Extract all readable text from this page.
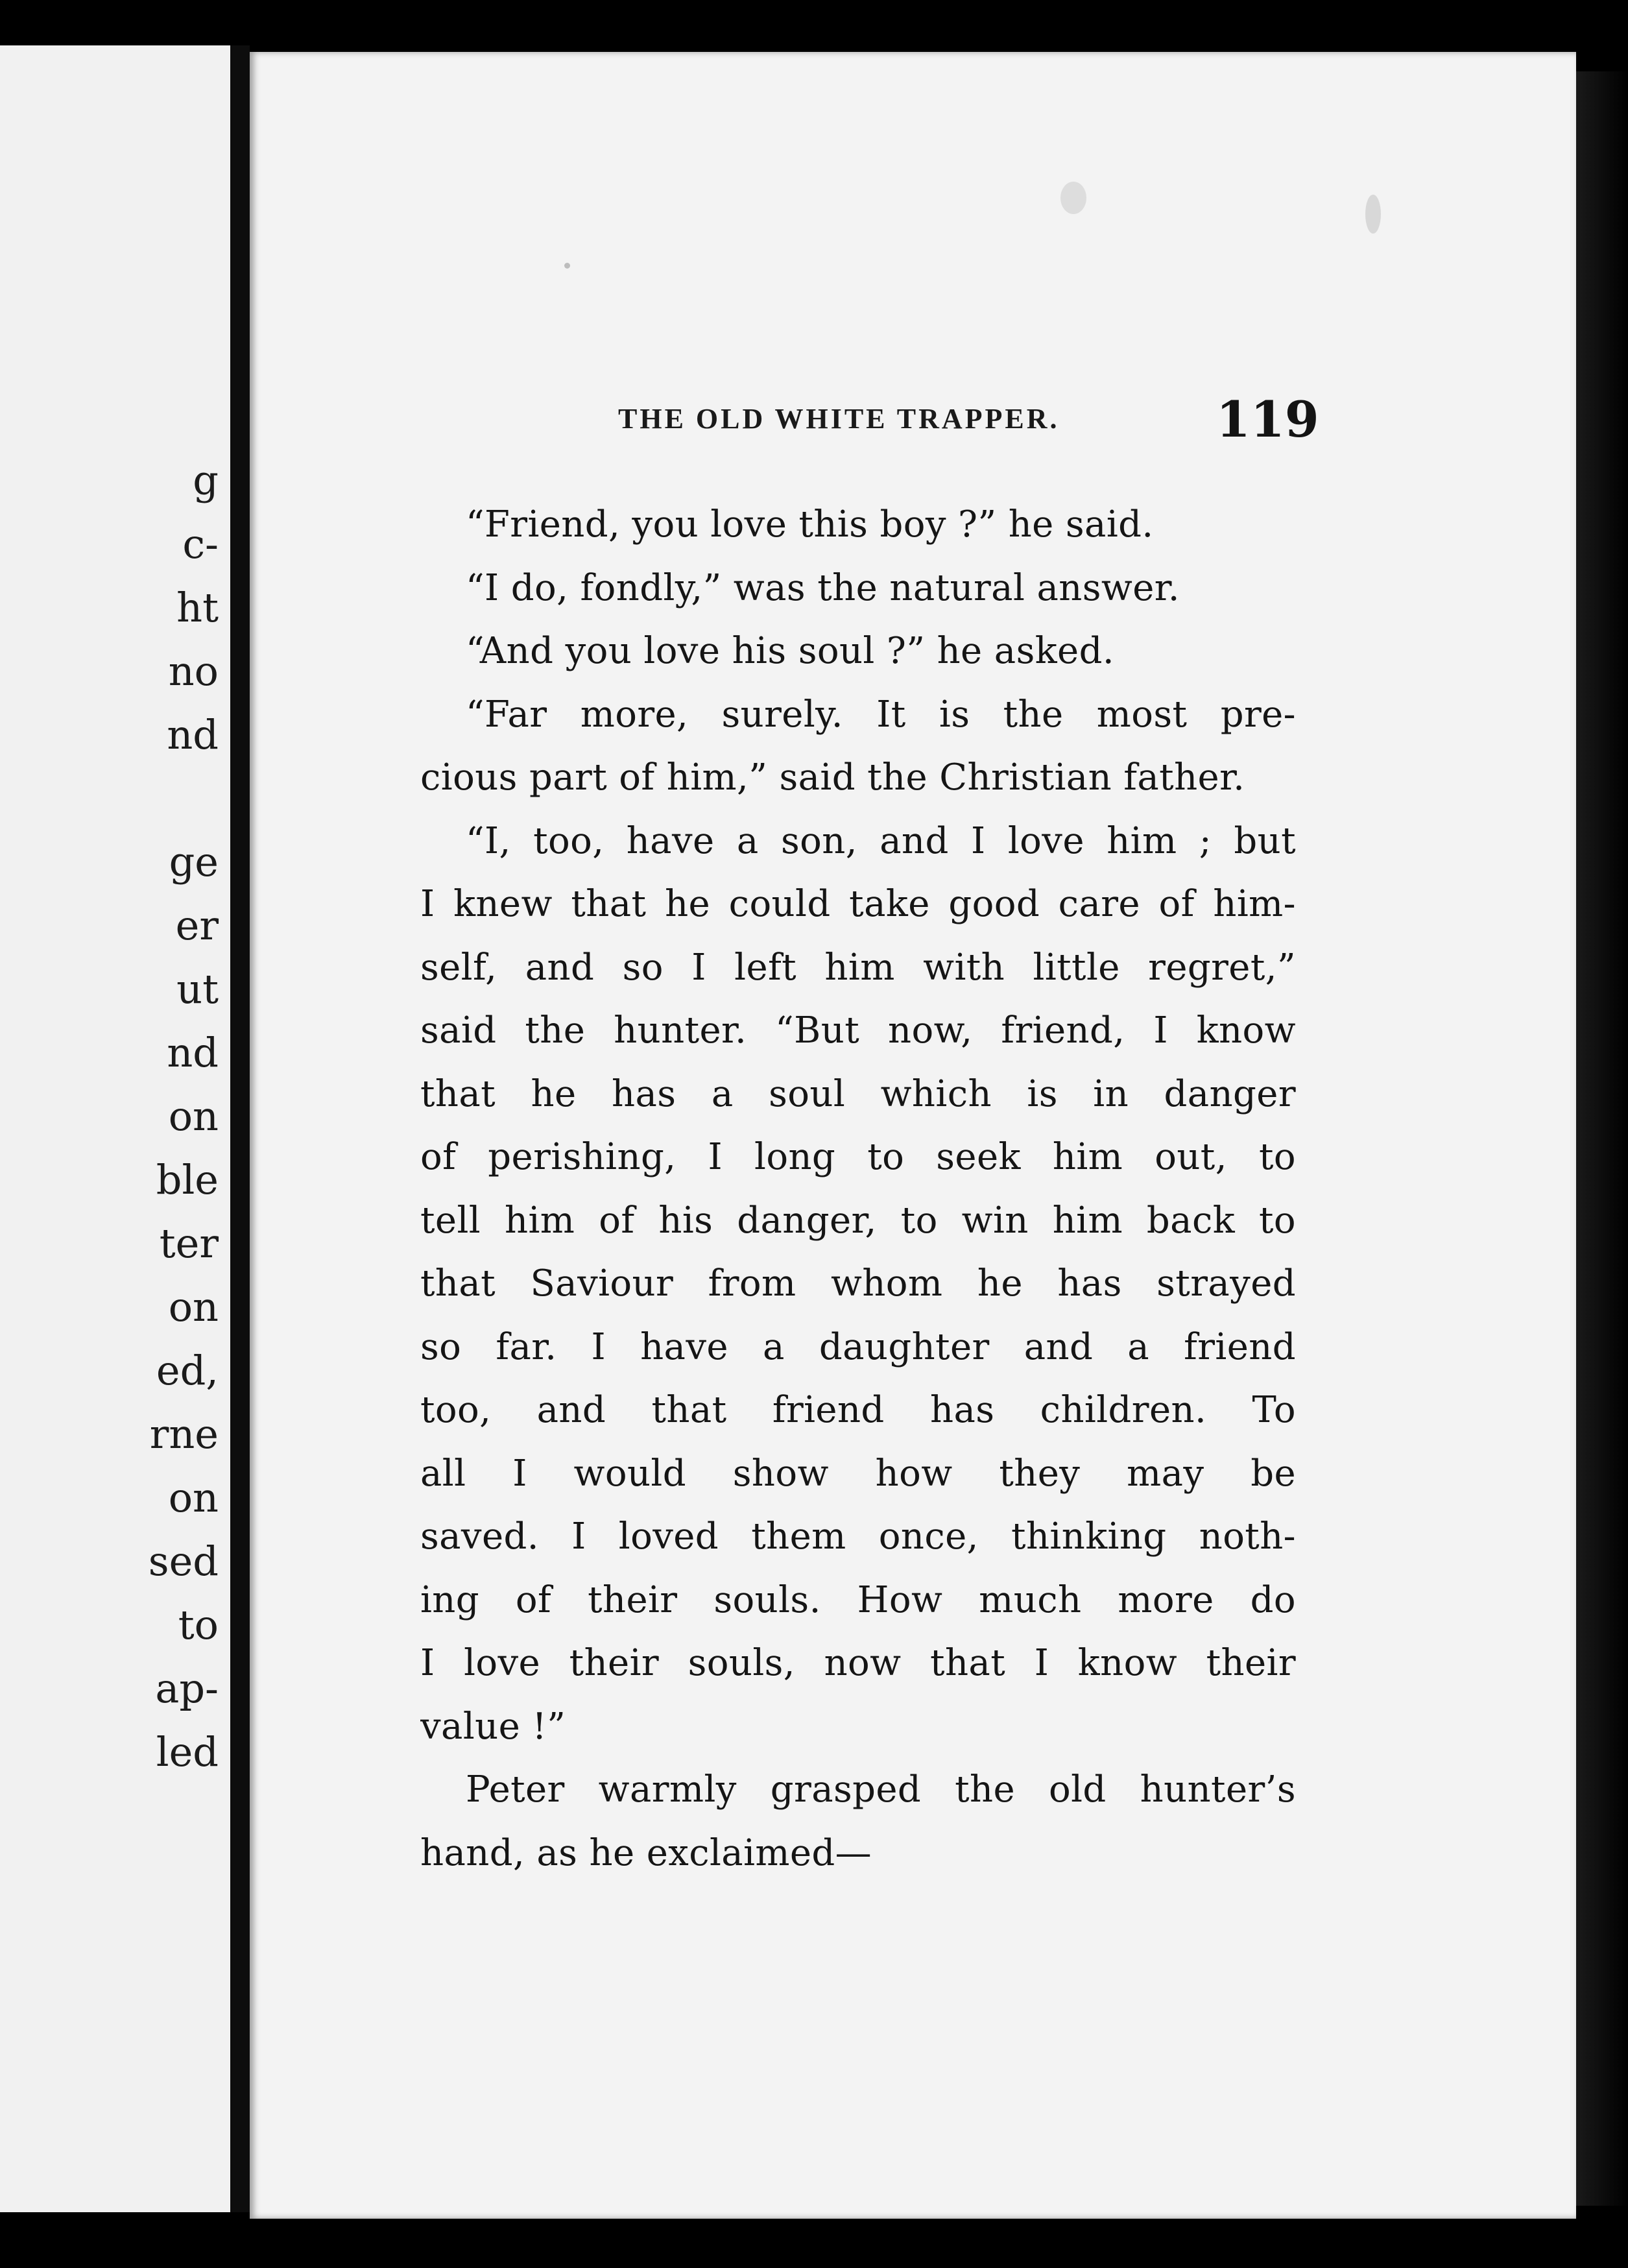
g
c-
ht
no
nd
ge
er
ut
nd
on
ble
ter
on
ed,
rne
on
sed
to
ap-
led
THE OLD WHITE TRAPPER.	119
“Friend, you love this boy ?” he said.
“I do, fondly,” was the natural answer.
“And you love his soul ?” he asked.
“Far more, surely. It is the most pre-
cious part of him,” said the Christian father.
“I, too, have a son, and I love him ; but
I knew that he could take good care of him-
self, and so I left him with little regret,”
said the hunter. “But now, friend, I know
that he has a soul which is in danger
of perishing, I long to seek him out, to
tell him of his danger, to win him back to
that Saviour from whom he has strayed
so far. I have a daughter and a friend
too, and that friend has children. To
all I would show how they may be
saved. I loved them once, thinking noth-
ing of their souls. How much more do
I love their souls, now that I know their
value !”
Peter warmly grasped the old hunter’s
hand, as he exclaimed—
